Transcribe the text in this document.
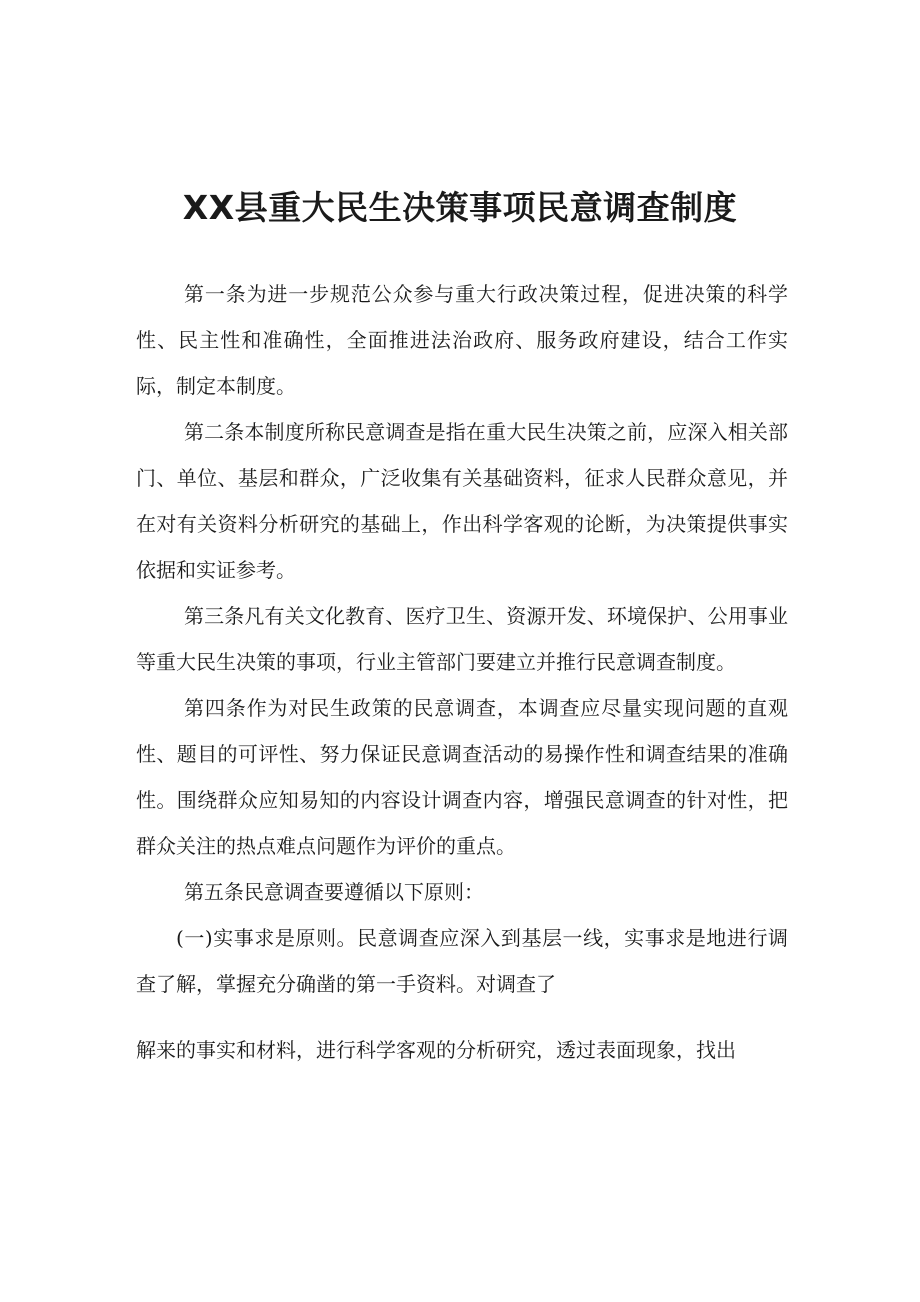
XX县重大民生决策事项民意调查制度

第一条为进一步规范公众参与重大行政决策过程，促进决策的科学性、民主性和准确性，全面推进法治政府、服务政府建设，结合工作实际，制定本制度。

第二条本制度所称民意调查是指在重大民生决策之前，应深入相关部门、单位、基层和群众，广泛收集有关基础资料，征求人民群众意见，并在对有关资料分析研究的基础上，作出科学客观的论断，为决策提供事实依据和实证参考。

第三条凡有关文化教育、医疗卫生、资源开发、环境保护、公用事业等重大民生决策的事项，行业主管部门要建立并推行民意调查制度。

第四条作为对民生政策的民意调查，本调查应尽量实现问题的直观性、题目的可评性、努力保证民意调查活动的易操作性和调查结果的准确性。围绕群众应知易知的内容设计调查内容，增强民意调查的针对性，把群众关注的热点难点问题作为评价的重点。

第五条民意调查要遵循以下原则：

(一)实事求是原则。民意调查应深入到基层一线，实事求是地进行调查了解，掌握充分确凿的第一手资料。对调查了

解来的事实和材料，进行科学客观的分析研究，透过表面现象，找出
